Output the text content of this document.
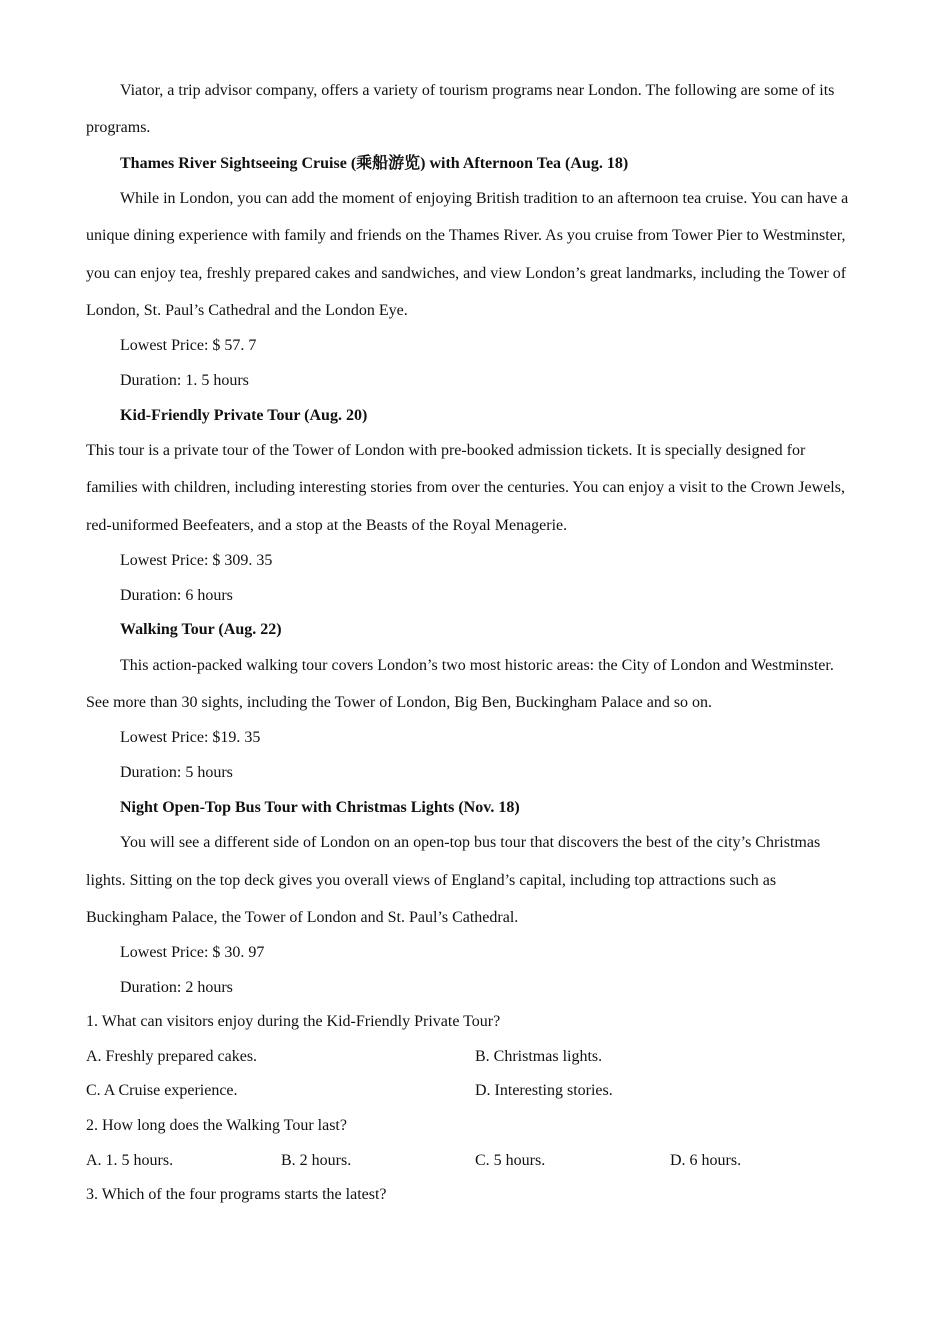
Viator, a trip advisor company, offers a variety of tourism programs near London. The following are some of its programs.

Thames River Sightseeing Cruise (乘船游览) with Afternoon Tea (Aug. 18)

While in London, you can add the moment of enjoying British tradition to an afternoon tea cruise. You can have a unique dining experience with family and friends on the Thames River. As you cruise from Tower Pier to Westminster, you can enjoy tea, freshly prepared cakes and sandwiches, and view London’s great landmarks, including the Tower of London, St. Paul’s Cathedral and the London Eye.

Lowest Price: $ 57. 7
Duration: 1. 5 hours
Kid-Friendly Private Tour (Aug. 20)

This tour is a private tour of the Tower of London with pre-booked admission tickets. It is specially designed for families with children, including interesting stories from over the centuries. You can enjoy a visit to the Crown Jewels, red-uniformed Beefeaters, and a stop at the Beasts of the Royal Menagerie.

Lowest Price: $ 309. 35
Duration: 6 hours
Walking Tour (Aug. 22)

This action-packed walking tour covers London’s two most historic areas: the City of London and Westminster. See more than 30 sights, including the Tower of London, Big Ben, Buckingham Palace and so on.

Lowest Price: $19. 35
Duration: 5 hours
Night Open-Top Bus Tour with Christmas Lights (Nov. 18)

You will see a different side of London on an open-top bus tour that discovers the best of the city’s Christmas lights. Sitting on the top deck gives you overall views of England’s capital, including top attractions such as Buckingham Palace, the Tower of London and St. Paul’s Cathedral.

Lowest Price: $ 30. 97
Duration: 2 hours
1. What can visitors enjoy during the Kid-Friendly Private Tour?
A. Freshly prepared cakes.	B. Christmas lights.
C. A Cruise experience.	D. Interesting stories.
2. How long does the Walking Tour last?
A. 1. 5 hours.	B. 2 hours.	C. 5 hours.	D. 6 hours.
3. Which of the four programs starts the latest?
